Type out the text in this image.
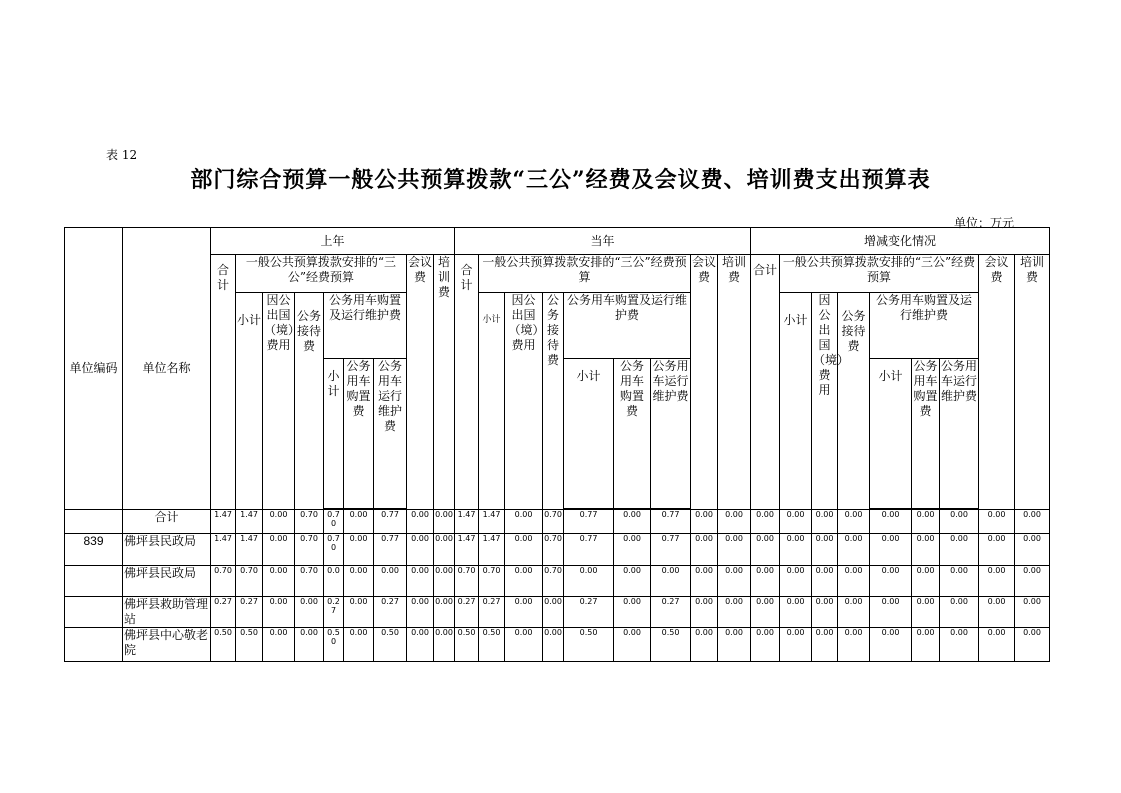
表 12
部门综合预算一般公共预算拨款“三公”经费及会议费、培训费支出预算表
单位：万元
单位编码	单位名称	上年									当年									增减变化情况								
		合计	一般公共预算拨款安排的“三公”经费预算						会议费	培训费	合计	一般公共预算拨款安排的“三公”经费预算						会议费	培训费	合计	一般公共预算拨款安排的“三公”经费预算						会议费	培训费
			小计	因公出国（境）费用	公务接待费	公务用车购置及运行维护费						小计	因公出国（境）费用	公务接待费	公务用车购置及运行维护费						小计	因公出国（境）费用	公务接待费	公务用车购置及运行维护费				
						小计	公务用车购置费	公务用车运行维护费							小计	公务用车购置费	公务用车运行维护费							小计	公务用车购置费	公务用车运行维护费		

	合计	1.47	1.47	0.00	0.70	0.70	0.00	0.77	0.00	0.00	1.47	1.47	0.00	0.70	0.77	0.00	0.77	0.00	0.00	0.00	0.00	0.00	0.00	0.00	0.00	0.00	0.00	0.00
839	佛坪县民政局	1.47	1.47	0.00	0.70	0.70	0.00	0.77	0.00	0.00	1.47	1.47	0.00	0.70	0.77	0.00	0.77	0.00	0.00	0.00	0.00	0.00	0.00	0.00	0.00	0.00	0.00	0.00
	佛坪县民政局	0.70	0.70	0.00	0.70	0.0	0.00	0.00	0.00	0.00	0.70	0.70	0.00	0.70	0.00	0.00	0.00	0.00	0.00	0.00	0.00	0.00	0.00	0.00	0.00	0.00	0.00	0.00
	佛坪县救助管理站	0.27	0.27	0.00	0.00	0.27	0.00	0.27	0.00	0.00	0.27	0.27	0.00	0.00	0.27	0.00	0.27	0.00	0.00	0.00	0.00	0.00	0.00	0.00	0.00	0.00	0.00	0.00
	佛坪县中心敬老院	0.50	0.50	0.00	0.00	0.50	0.00	0.50	0.00	0.00	0.50	0.50	0.00	0.00	0.50	0.00	0.50	0.00	0.00	0.00	0.00	0.00	0.00	0.00	0.00	0.00	0.00	0.00
